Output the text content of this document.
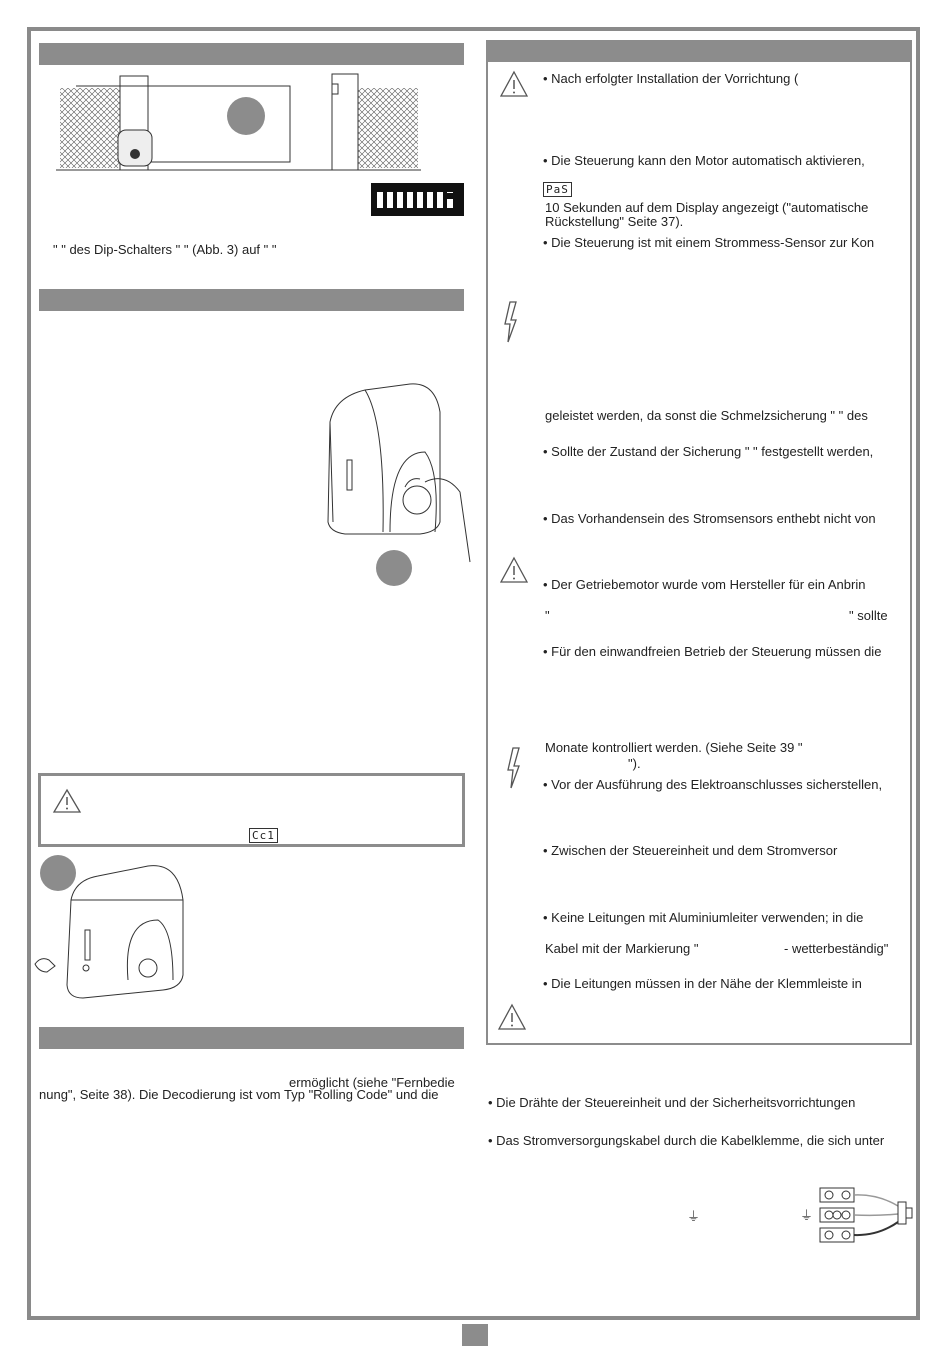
" " des Dip-Schalters " " (Abb. 3) auf " "
Cc1
ermöglicht (siehe "Fernbedie
nung", Seite 38). Die Decodierung ist vom Typ "Rolling Code" und die
• Nach erfolgter Installation der Vorrichtung (
• Die Steuerung kann den Motor automatisch aktivieren,
PaS
10 Sekunden auf dem Display angezeigt ("automatische
Rückstellung" Seite 37).
• Die Steuerung ist mit einem Strommess-Sensor zur Kon
geleistet werden, da sonst die Schmelzsicherung " " des
• Sollte der Zustand der Sicherung " " festgestellt werden,
• Das Vorhandensein des Stromsensors enthebt nicht von
• Der Getriebemotor wurde vom Hersteller für ein Anbrin
"	" sollte
• Für den einwandfreien Betrieb der Steuerung müssen die
Monate kontrolliert werden. (Siehe Seite 39 "
").
• Vor der Ausführung des Elektroanschlusses sicherstellen,
• Zwischen der Steuereinheit und dem Stromversor
• Keine Leitungen mit Aluminiumleiter verwenden; in die
Kabel mit der Markierung "	- wetterbeständig"
• Die Leitungen müssen in der Nähe der Klemmleiste in
• Die Drähte der Steuereinheit und der Sicherheitsvorrichtungen
• Das Stromversorgungskabel durch die Kabelklemme, die sich unter
⏚	⏚
